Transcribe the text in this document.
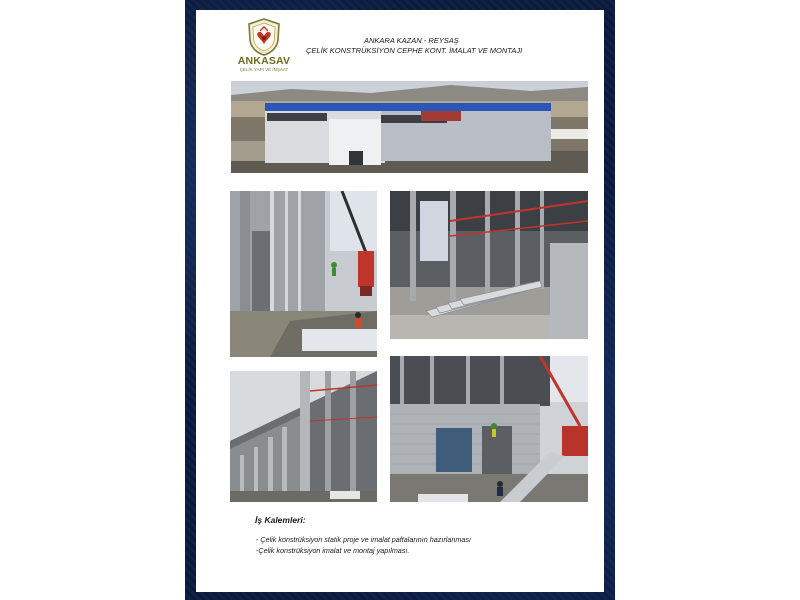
ANKASAV
ÇELİK YAPI VE İNŞAAT
ANKARA KAZAN - REYSAŞ
ÇELİK KONSTRÜKSİYON CEPHE KONT. İMALAT VE MONTAJI
İş Kalemleri:
- Çelik konstrüksiyon statik proje ve imalat paftalarının hazırlanması
-Çelik konstrüksiyon imalat ve montaj yapılması.
